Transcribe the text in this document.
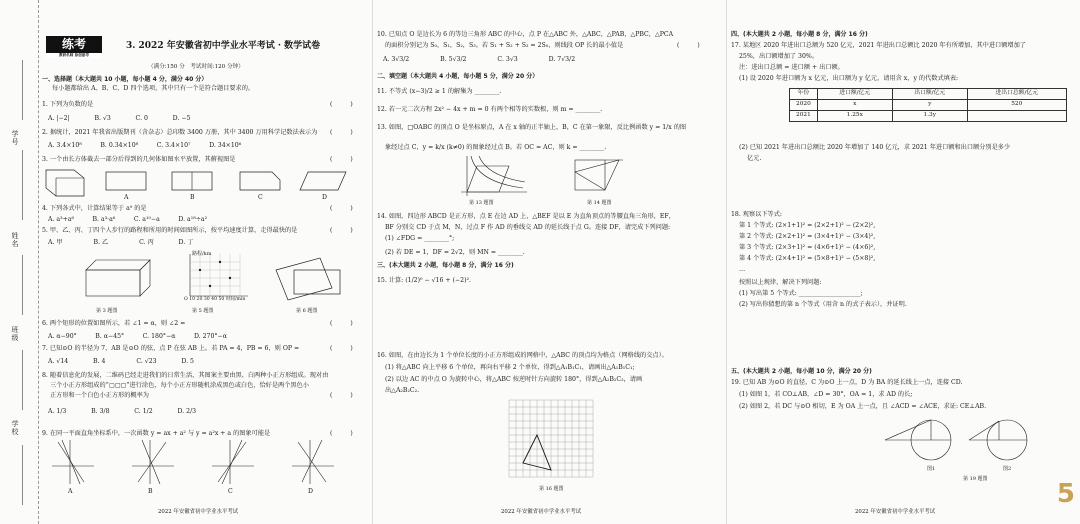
学号
姓名
班级
学校
练考
教研名师 原创备考
3. 2022 年安徽省初中学业水平考试 · 数学试卷
（满分:150 分　考试时间:120 分钟）
一、选择题（本大题共 10 小题，每小题 4 分，满分 40 分）
每小题都给出 A、B、C、D 四个选项，其中只有一个是符合题目要求的。
1. 下列为负数的是	(　　　)
A. |−2|　　　　B. √3　　　　C. 0　　　　D. −5
2. 据统计，2021 年我省出版期刊（含杂志）总印数 3400 万册，其中 3400 万用科学记数法表示为 (　　　)
A. 3.4×10⁸　　　B. 0.34×10⁸　　　C. 3.4×10⁷　　　D. 34×10⁶
3. 一个由长方体截去一部分后得到的几何体如图水平放置，其俯视图是	(　　　)
A	B	C	D
4. 下列各式中，计算结果等于 a⁹ 的是	(　　　)
A. a³+a⁶　　　B. a³·a⁶　　　C. a¹⁰−a　　　D. a¹⁸÷a²
5. 甲、乙、丙、丁四个人步行的路程和所用的时间如图所示，按平均速度计算，走得最快的是	(　　　)
A. 甲　　　　　B. 乙　　　　　C. 丙　　　　D. 丁
路程/km
O 10 20 30 40 50 时间/min
第 3 题图	第 5 题图	第 6 题图
6. 两个矩形的位置如图所示，若 ∠1 = α，则 ∠2 =	(　　　)
A. α−90°　　　B. α−45°　　　C. 180°−α　　　D. 270°−α
7. 已知⊙O 的半径为 7，AB 是⊙O 的弦，点 P 在弦 AB 上。若 PA = 4，PB = 6，则 OP =	(　　　)
A. √14　　　　B. 4　　　　　C. √23　　　　D. 5
8. 随着信息化的发展，二维码已经走进我们的日常生活，其图案主要由黑、白两种小正方形组成。现对由
三个小正方形组成的“▢▢▢”进行涂色，每个小正方形随机涂成黑色或白色，恰好是两个黑色小
正方形和一个白色小正方形的概率为	(　　　)
A. 1/3　　　　B. 3/8　　　　C. 1/2　　　　D. 2/3
9. 在同一平面直角坐标系中，一次函数 y = ax + a² 与 y = a²x + a 的图象可能是	(　　　)
A	B	C	D
2022 年安徽省初中学业水平考试
10. 已知点 O 是边长为 6 的等边三角形 ABC 的中心，点 P 在△ABC 外，△ABC，△PAB，△PBC，△PCA
的面积分别记为 S₀，S₁，S₂，S₃。若 S₁ + S₂ + S₃ = 2S₀，则线段 OP 长的最小值是	(　　　)
A. 3√3/2　　　　　B. 5√3/2　　　　　C. 3√3　　　　　D. 7√3/2
二、填空题（本大题共 4 小题，每小题 5 分，满分 20 分）
11. 不等式 (x−3)/2 ≥ 1 的解集为 ________.
12. 若一元二次方程 2x² − 4x + m = 0 有两个相等的实数根，则 m = ________.
13. 如图，□OABC 的顶点 O 是坐标原点，A 在 x 轴的正半轴上，B，C 在第一象限，反比例函数 y = 1/x 的图
象经过点 C，y = k/x (k≠0) 的图象经过点 B。若 OC = AC，则 k = ________.
第 13 题图	第 14 题图
14. 如图，四边形 ABCD 是正方形，点 E 在边 AD 上，△BEF 是以 E 为直角顶点的等腰直角三角形，EF，
BF 分别交 CD 于点 M，N，过点 F 作 AD 的垂线交 AD 的延长线于点 G。连接 DF，请完成下列问题:
(1) ∠FDG = ________°;
(2) 若 DE = 1，DF = 2√2，则 MN = ________.
三、(本大题共 2 小题，每小题 8 分，满分 16 分)
15. 计算: (1/2)⁰ − √16 + (−2)².
16. 如图，在由边长为 1 个单位长度的小正方形组成的网格中，△ABC 的顶点均为格点（网格线的交点）。
(1) 将△ABC 向上平移 6 个单位，再向右平移 2 个单位，得到△A₁B₁C₁，请画出△A₁B₁C₁;
(2) 以边 AC 的中点 O 为旋转中心，将△ABC 按逆时针方向旋转 180°，得到△A₂B₂C₂，请画
出△A₂B₂C₂.
第 16 题图
2022 年安徽省初中学业水平考试
四、(本大题共 2 小题，每小题 8 分，满分 16 分)
17. 某地区 2020 年进出口总额为 520 亿元，2021 年进出口总额比 2020 年有所增加，其中进口额增加了
25%，出口额增加了 30%。
注：进出口总额 = 进口额 + 出口额。
(1) 设 2020 年进口额为 x 亿元，出口额为 y 亿元，请用含 x，y 的代数式填表:
年份	进口额/亿元	出口额/亿元	进出口总额/亿元
2020	x	y	520
2021	1.25x	1.3y	
(2) 已知 2021 年进出口总额比 2020 年增加了 140 亿元，求 2021 年进口额和出口额分别是多少
亿元.
18. 观察以下等式:
第 1 个等式: (2×1+1)² = (2×2+1)² − (2×2)²,
第 2 个等式: (2×2+1)² = (3×4+1)² − (3×4)²,
第 3 个等式: (2×3+1)² = (4×6+1)² − (4×6)²,
第 4 个等式: (2×4+1)² = (5×8+1)² − (5×8)²,
…
按照以上规律，解决下列问题:
(1) 写出第 5 个等式: ____________________;
(2) 写出你猜想的第 n 个等式（用含 n 的式子表示），并证明.
五、(本大题共 2 小题，每小题 10 分，满分 20 分)
19. 已知 AB 为⊙O 的直径，C 为⊙O 上一点，D 为 BA 的延长线上一点，连接 CD.
(1) 如图 1，若 CO⊥AB，∠D = 30°，OA = 1，求 AD 的长;
(2) 如图 2，若 DC 与⊙O 相切，E 为 OA 上一点，且 ∠ACD = ∠ACE，求证: CE⊥AB.
图1	图2
第 19 题图	5
2022 年安徽省初中学业水平考试
